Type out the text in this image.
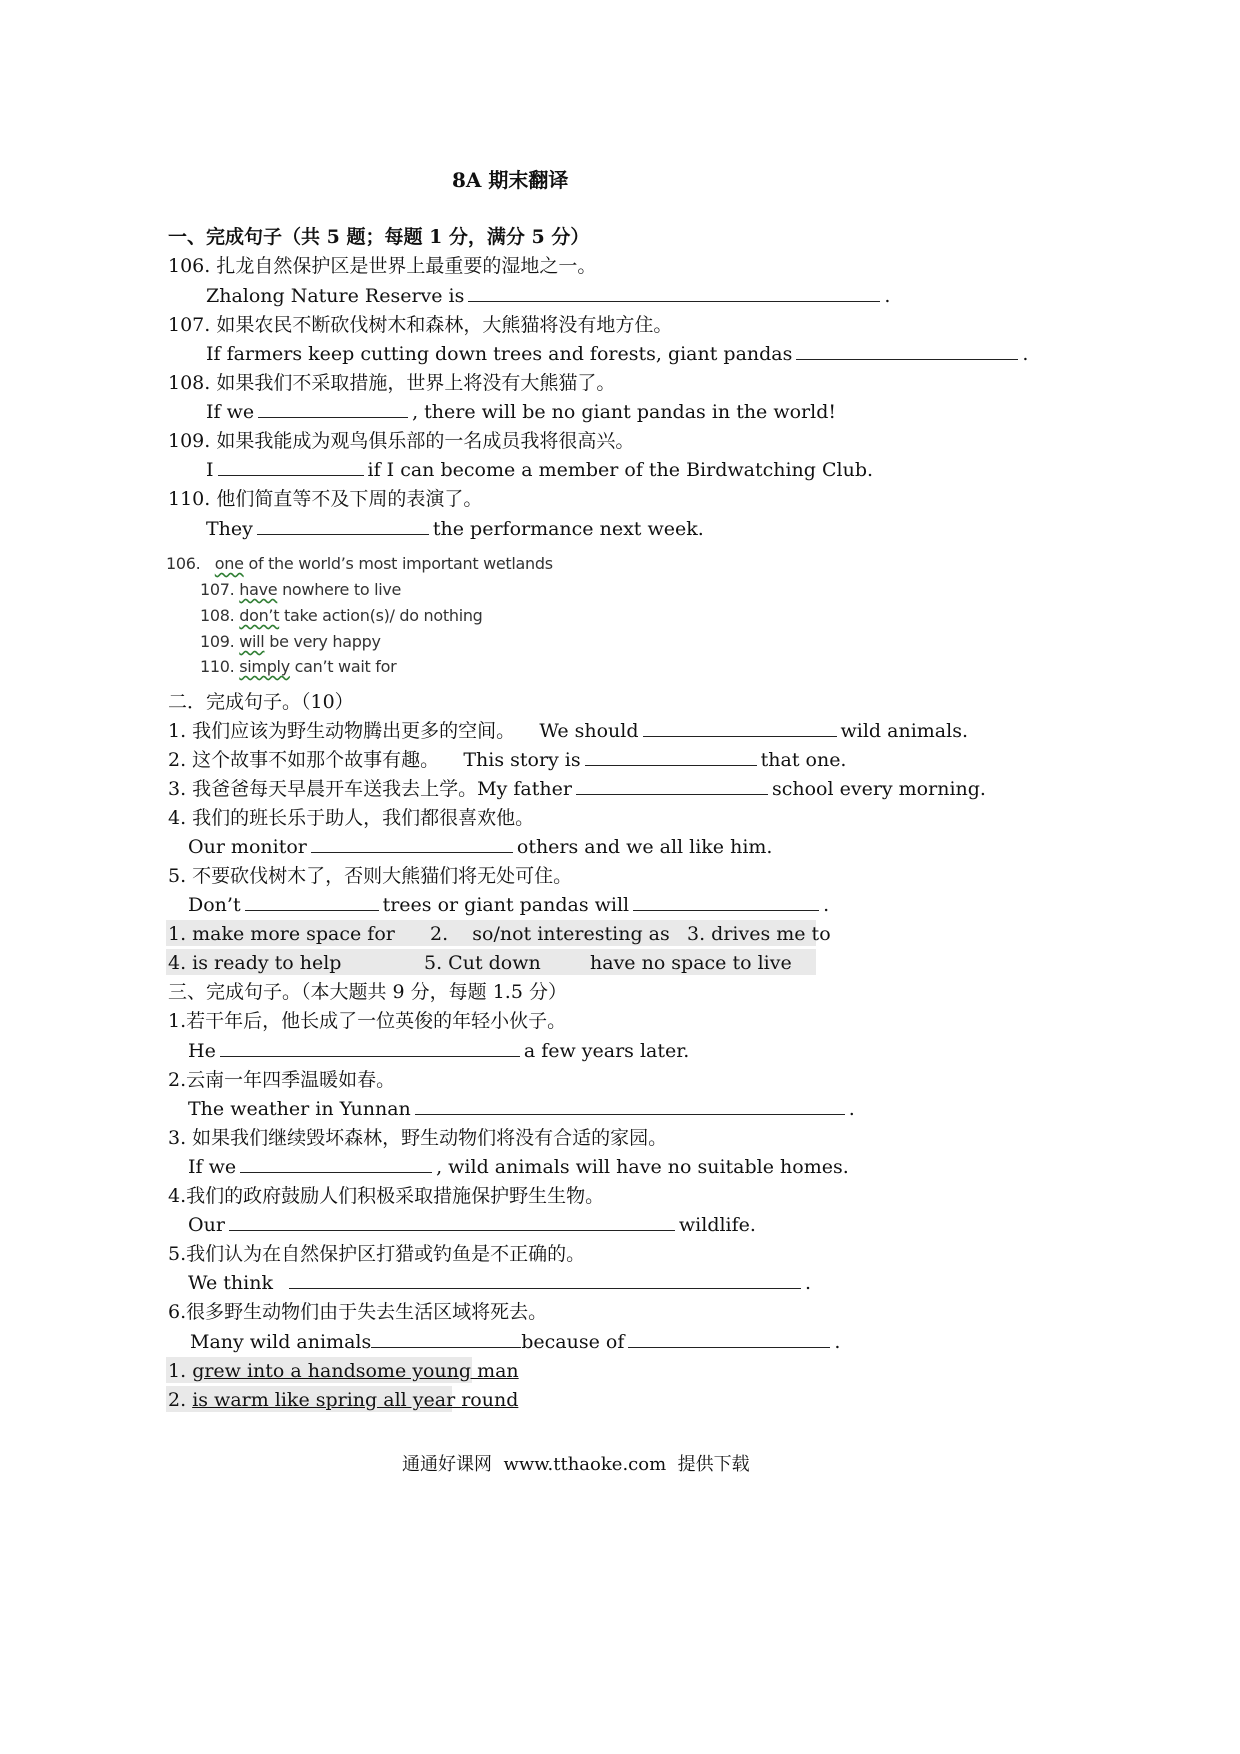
8A 期末翻译
一、完成句子（共 5 题；每题 1 分，满分 5 分）
106. 扎龙自然保护区是世界上最重要的湿地之一。
Zhalong Nature Reserve is	.
107. 如果农民不断砍伐树木和森林，大熊猫将没有地方住。
If farmers keep cutting down trees and forests, giant pandas	.
108. 如果我们不采取措施，世界上将没有大熊猫了。
If we	, there will be no giant pandas in the world!
109. 如果我能成为观鸟俱乐部的一名成员我将很高兴。
I	if I can become a member of the Birdwatching Club.
110. 他们简直等不及下周的表演了。
They	the performance next week.
106. one of the world’s most important wetlands
107. have nowhere to live
108. don’t take action(s)/ do nothing
109. will be very happy
110. simply can’t wait for
二．完成句子。（10）
1. 我们应该为野生动物腾出更多的空间。 We should	wild animals.
2. 这个故事不如那个故事有趣。 This story is	that one.
3. 我爸爸每天早晨开车送我去上学。My father	school every morning.
4. 我们的班长乐于助人，我们都很喜欢他。
Our monitor	others and we all like him.
5. 不要砍伐树木了，否则大熊猫们将无处可住。
Don’t	trees or giant pandas will	.
1. make more space for 2.    so/not interesting as 3. drives me to
4. is ready to help	5. Cut down	have no space to live
三、完成句子。（本大题共 9 分，每题 1.5 分）
1.若干年后，他长成了一位英俊的年轻小伙子。
He	a few years later.
2.云南一年四季温暖如春。
The weather in Yunnan	.
3. 如果我们继续毁坏森林，野生动物们将没有合适的家园。
If we	, wild animals will have no suitable homes.
4.我们的政府鼓励人们积极采取措施保护野生生物。
Our	wildlife.
5.我们认为在自然保护区打猎或钓鱼是不正确的。
We think	.
6.很多野生动物们由于失去生活区域将死去。
Many wild animals	because of	.
1. grew into a handsome young man
2. is warm like spring all year round
通通好课网  www.tthaoke.com  提供下载
